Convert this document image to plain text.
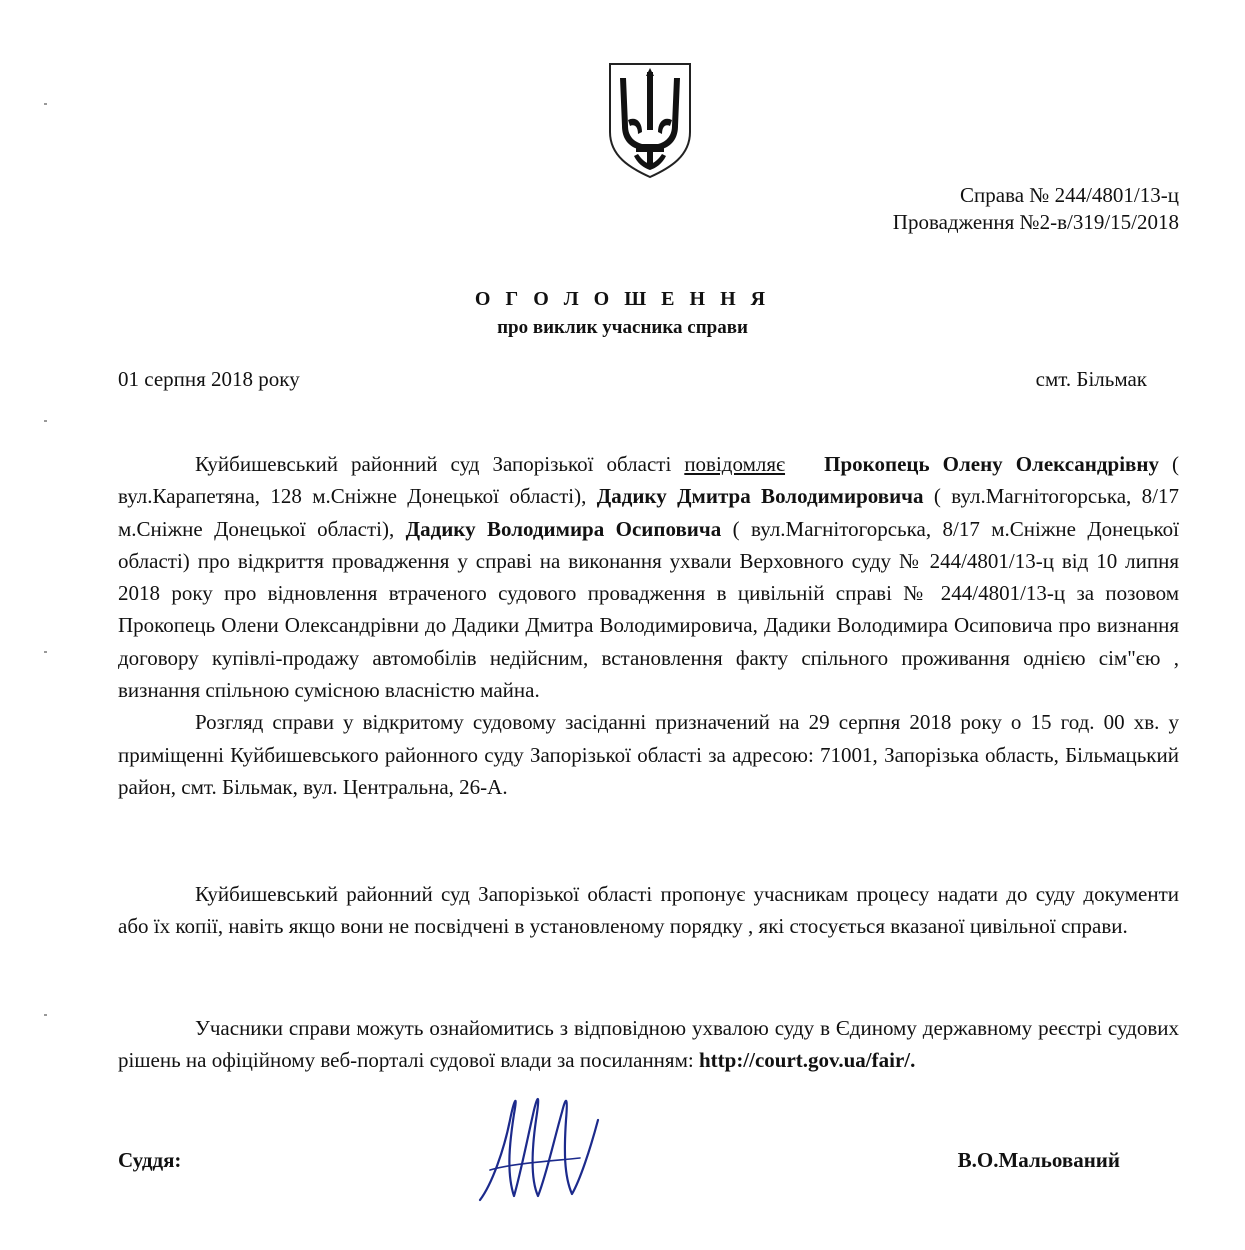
Справа № 244/4801/13-ц
Провадження №2-в/319/15/2018
О Г О Л О Ш Е Н Н Я
про виклик учасника справи
01 серпня 2018 року	смт. Більмак

Куйбишевський районний суд Запорізької області повідомляє Прокопець Олену Олександрівну ( вул.Карапетяна, 128 м.Сніжне Донецької області), Дадику Дмитра Володимировича ( вул.Магнітогорська, 8/17 м.Сніжне Донецької області), Дадику Володимира Осиповича ( вул.Магнітогорська, 8/17 м.Сніжне Донецької області) про відкриття провадження у справі на виконання ухвали Верховного суду № 244/4801/13-ц від 10 липня 2018 року про відновлення втраченого судового провадження в цивільній справі № 244/4801/13-ц за позовом Прокопець Олени Олександрівни до Дадики Дмитра Володимировича, Дадики Володимира Осиповича про визнання договору купівлі-продажу автомобілів недійсним, встановлення факту спільного проживання однією сім"єю , визнання спільною сумісною власністю майна.

Розгляд справи у відкритому судовому засіданні призначений на 29 серпня 2018 року о 15 год. 00 хв. у приміщенні Куйбишевського районного суду Запорізької області за адресою: 71001, Запорізька область, Більмацький район, смт. Більмак, вул. Центральна, 26-А.

Куйбишевський районний суд Запорізької області пропонує учасникам процесу надати до суду документи або їх копії, навіть якщо вони не посвідчені в установленому порядку , які стосується вказаної цивільної справи.

Учасники справи можуть ознайомитись з відповідною ухвалою суду в Єдиному державному реєстрі судових рішень на офіційному веб-порталі судової влади за посиланням: http://court.gov.ua/fair/.

Суддя:	В.О.Мальований
